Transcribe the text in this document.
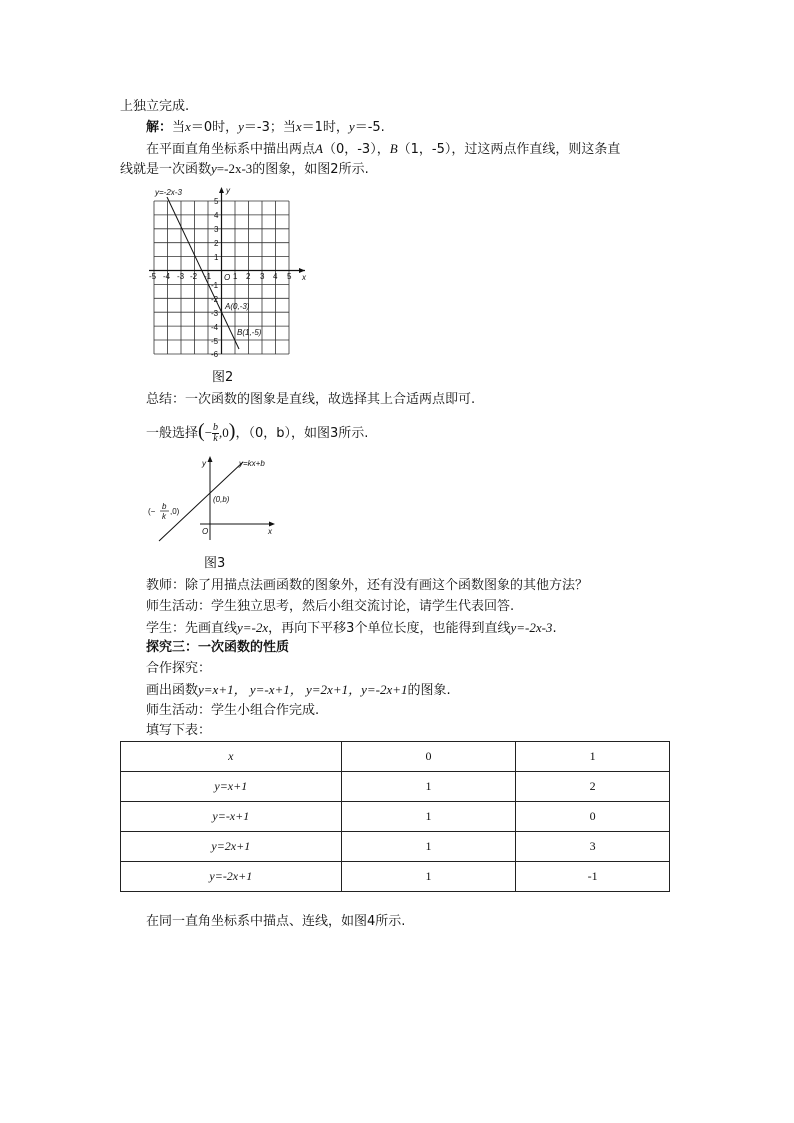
上独立完成.
解：当x＝0时，y＝-3；当x＝1时，y＝-5.
在平面直角坐标系中描出两点A（0，-3），B（1，-5），过这两点作直线，则这条直
线就是一次函数y=-2x-3的图象，如图2所示.
y=-2x-3	y
x
O
A(0,-3)
B(1,-5)
-5 -4 -3 -2 -1	1 2 3 4 5
5
4
3
2
1
-1
-2
-3
-4
-5
-6
图2
总结：一次函数的图象是直线，故选择其上合适两点即可.
一般选择(− $\frac{b}{k} ,0$)，（0，b），如图3所示.
y=kx+b
y
x
O
(0,b)
(−
b
k
,0)
图3
教师：除了用描点法画函数的图象外，还有没有画这个函数图象的其他方法？
师生活动：学生独立思考，然后小组交流讨论，请学生代表回答.
学生：先画直线y=-2x，再向下平移3个单位长度，也能得到直线y=-2x-3.
探究三：一次函数的性质
合作探究：
画出函数y=x+1， y=-x+1， y=2x+1，y=-2x+1的图象.
师生活动：学生小组合作完成.
填写下表：
x	0	1
y=x+1	1	2
y=-x+1	1	0
y=2x+1	1	3
y=-2x+1	1	-1
在同一直角坐标系中描点、连线，如图4所示.
